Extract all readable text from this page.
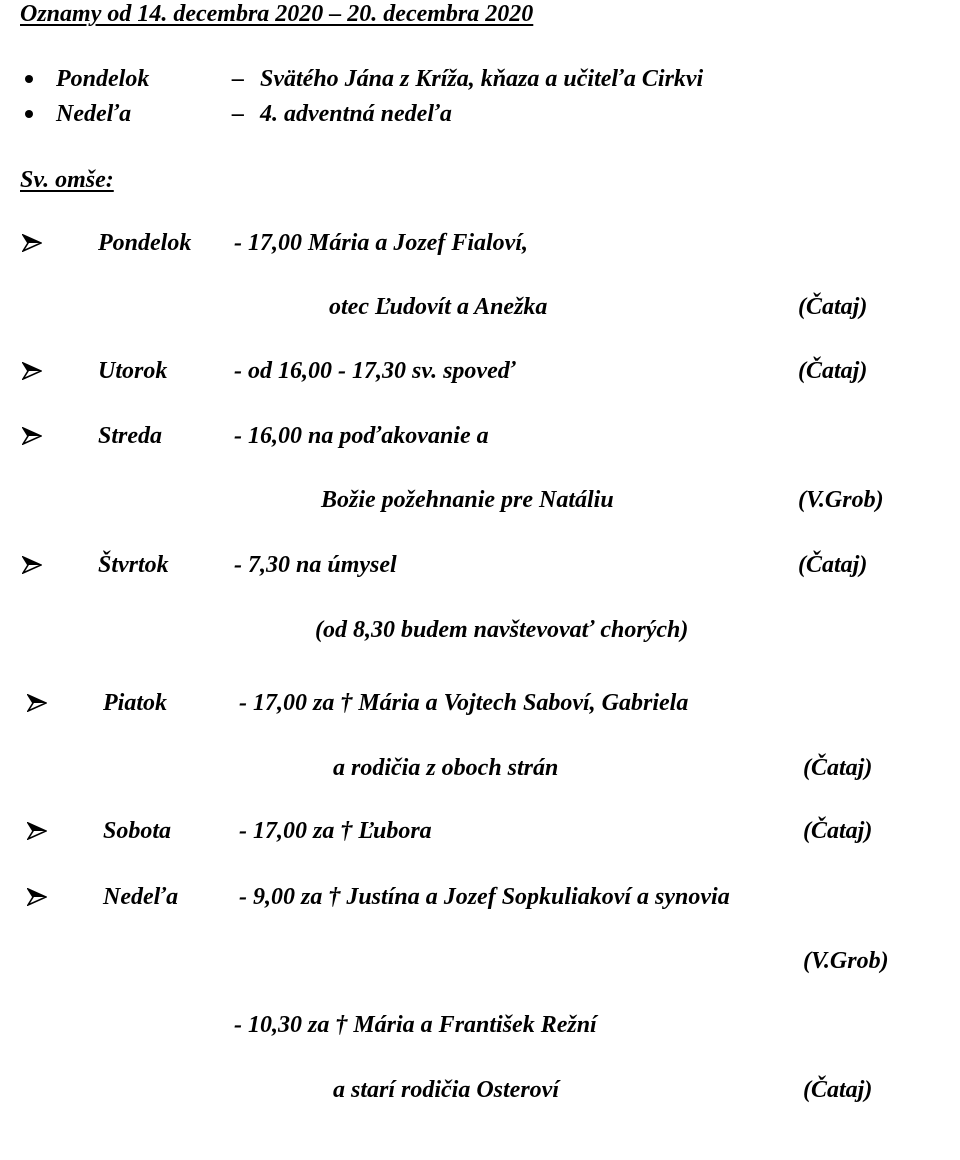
Oznamy od 14. decembra 2020 – 20. decembra 2020
Pondelok	– Svätého Jána z Kríža, kňaza a učiteľa Cirkvi
Nedeľa	– 4. adventná nedeľa
Sv. omše:
Pondelok - 17,00 Mária a Jozef Fialoví,
otec Ľudovít a Anežka	(Čataj)
Utorok	- od 16,00 - 17,30 sv. spoveď	(Čataj)
Streda	- 16,00 na poďakovanie a
Božie požehnanie pre Natáliu	(V.Grob)
Štvrtok	- 7,30 na úmysel	(Čataj)
(od 8,30 budem navštevovať chorých)
Piatok	- 17,00 za † Mária a Vojtech Saboví, Gabriela
a rodičia z oboch strán	(Čataj)
Sobota	- 17,00 za † Ľubora	(Čataj)
Nedeľa	- 9,00 za † Justína a Jozef Sopkuliakoví a synovia
(V.Grob)
- 10,30 za † Mária a František Režní
a starí rodičia Osteroví	(Čataj)
